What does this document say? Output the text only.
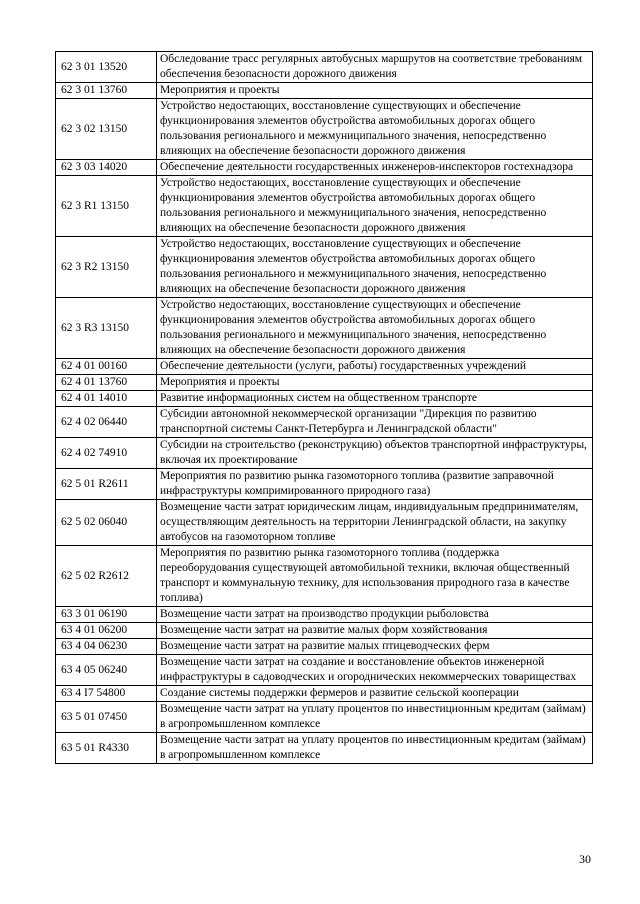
62 3 01 13520	Обследование трасс регулярных автобусных маршрутов на соответствие требованиям обеспечения безопасности дорожного движения
62 3 01 13760	Мероприятия и проекты
62 3 02 13150	Устройство недостающих, восстановление существующих и обеспечение функционирования элементов обустройства автомобильных дорогах общего пользования регионального и межмуниципального значения, непосредственно влияющих на обеспечение безопасности дорожного движения
62 3 03 14020	Обеспечение деятельности государственных инженеров-инспекторов гостехнадзора
62 3 R1 13150	Устройство недостающих, восстановление существующих и обеспечение функционирования элементов обустройства автомобильных дорогах общего пользования регионального и межмуниципального значения, непосредственно влияющих на обеспечение безопасности дорожного движения
62 3 R2 13150	Устройство недостающих, восстановление существующих и обеспечение функционирования элементов обустройства автомобильных дорогах общего пользования регионального и межмуниципального значения, непосредственно влияющих на обеспечение безопасности дорожного движения
62 3 R3 13150	Устройство недостающих, восстановление существующих и обеспечение функционирования элементов обустройства автомобильных дорогах общего пользования регионального и межмуниципального значения, непосредственно влияющих на обеспечение безопасности дорожного движения
62 4 01 00160	Обеспечение деятельности (услуги, работы) государственных учреждений
62 4 01 13760	Мероприятия и проекты
62 4 01 14010	Развитие информационных систем на общественном транспорте
62 4 02 06440	Субсидии автономной некоммерческой организации "Дирекция по развитию транспортной системы Санкт-Петербурга и Ленинградской области"
62 4 02 74910	Субсидии на строительство (реконструкцию) объектов транспортной инфраструктуры, включая их проектирование
62 5 01 R2611	Мероприятия по развитию рынка газомоторного топлива (развитие заправочной инфраструктуры компримированного природного газа)
62 5 02 06040	Возмещение части затрат юридическим лицам, индивидуальным предпринимателям, осуществляющим деятельность на территории Ленинградской области, на закупку автобусов на газомоторном топливе
62 5 02 R2612	Мероприятия по развитию рынка газомоторного топлива (поддержка переоборудования существующей автомобильной техники, включая общественный транспорт и коммунальную технику, для использования природного газа в качестве топлива)
63 3 01 06190	Возмещение части затрат на производство продукции рыболовства
63 4 01 06200	Возмещение части затрат на развитие малых форм хозяйствования
63 4 04 06230	Возмещение части затрат на развитие малых птицеводческих ферм
63 4 05 06240	Возмещение части затрат на создание и восстановление объектов инженерной инфраструктуры в садоводческих и огороднических некоммерческих товариществах
63 4 I7 54800	Создание системы поддержки фермеров и развитие сельской кооперации
63 5 01 07450	Возмещение части затрат на уплату процентов по инвестиционным кредитам (займам) в агропромышленном комплексе
63 5 01 R4330	Возмещение части затрат на уплату процентов по инвестиционным кредитам (займам) в агропромышленном комплексе
30
